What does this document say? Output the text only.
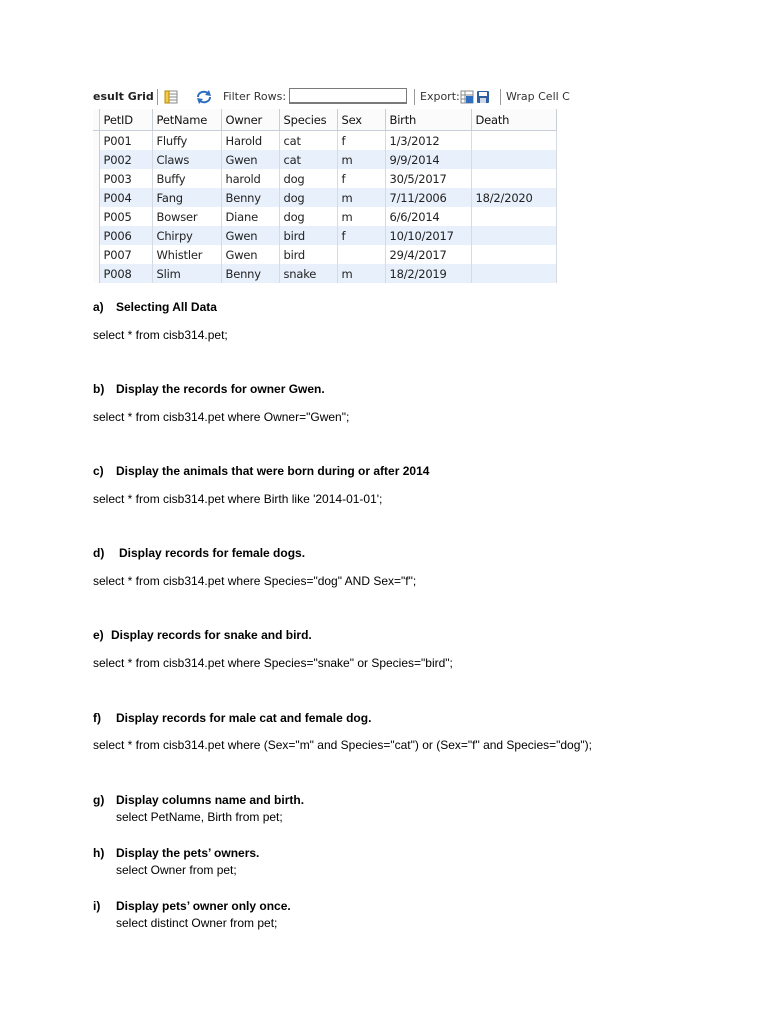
esult Grid	Filter Rows:	Export:	Wrap Cell C
	PetID	PetName	Owner	Species	Sex	Birth	Death
	P001	Fluffy	Harold	cat	f	1/3/2012	
	P002	Claws	Gwen	cat	m	9/9/2014	
	P003	Buffy	harold	dog	f	30/5/2017	
	P004	Fang	Benny	dog	m	7/11/2006	18/2/2020
	P005	Bowser	Diane	dog	m	6/6/2014	
	P006	Chirpy	Gwen	bird	f	10/10/2017	
	P007	Whistler	Gwen	bird		29/4/2017	
	P008	Slim	Benny	snake	m	18/2/2019	
a) Selecting All Data
select * from cisb314.pet;
b) Display the records for owner Gwen.
select * from cisb314.pet where Owner="Gwen";
c) Display the animals that were born during or after 2014
select * from cisb314.pet where Birth like '2014-01-01';
d) Display records for female dogs.
select * from cisb314.pet where Species="dog" AND Sex="f";
e) Display records for snake and bird.
select * from cisb314.pet where Species="snake" or Species="bird";
f) Display records for male cat and female dog.
select * from cisb314.pet where (Sex="m" and Species="cat") or (Sex="f" and Species="dog");
g) Display columns name and birth.
select PetName, Birth from pet;
h) Display the pets’ owners.
select Owner from pet;
i) Display pets’ owner only once.
select distinct Owner from pet;
